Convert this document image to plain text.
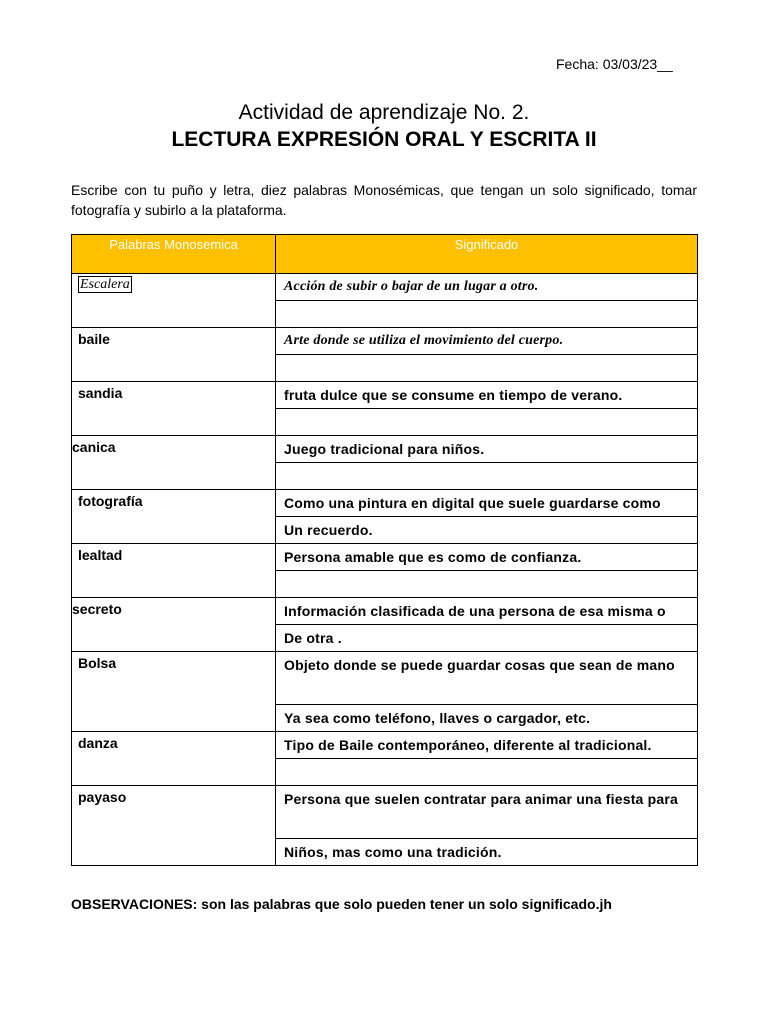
Fecha: 03/03/23__
Actividad de aprendizaje No. 2.
LECTURA EXPRESIÓN ORAL Y ESCRITA II
Escribe con tu puño y letra, diez palabras Monosémicas, que tengan un solo significado, tomar fotografía y subirlo a la plataforma.
Palabras Monosemica	Significado

Escalera	Acción de subir o bajar de un lugar a otro.

baile	Arte donde se utiliza el movimiento del cuerpo.

sandia	fruta dulce que se consume en tiempo de verano.

canica	Juego tradicional para niños.

fotografía	Como una pintura en digital que suele guardarse como
	Un recuerdo.
lealtad	Persona amable que es como de confianza.

secreto	Información clasificada de una persona de esa misma o
	De otra .
Bolsa	Objeto donde se puede guardar cosas que sean de mano
	Ya sea como teléfono, llaves o cargador, etc.
danza	Tipo de Baile contemporáneo, diferente al tradicional.

payaso	Persona que suelen contratar para animar una fiesta para
	Niños, mas como una tradición.
OBSERVACIONES: son las palabras que solo pueden tener un solo significado.jh
